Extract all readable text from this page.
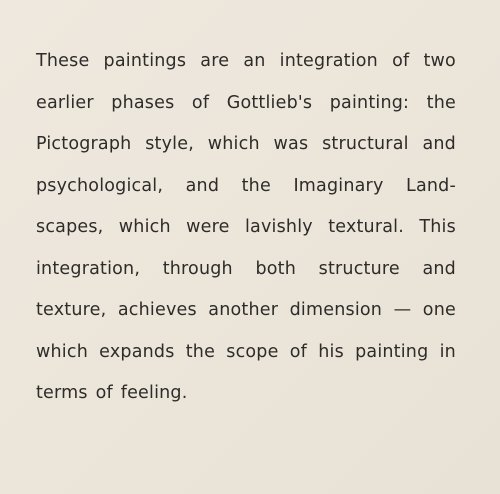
These paintings are an integration of two
earlier phases of Gottlieb's painting: the
Pictograph style, which was structural and
psychological, and the Imaginary Land-
scapes, which were lavishly textural. This
integration, through both structure and
texture, achieves another dimension — one
which expands the scope of his painting in
terms of feeling.
